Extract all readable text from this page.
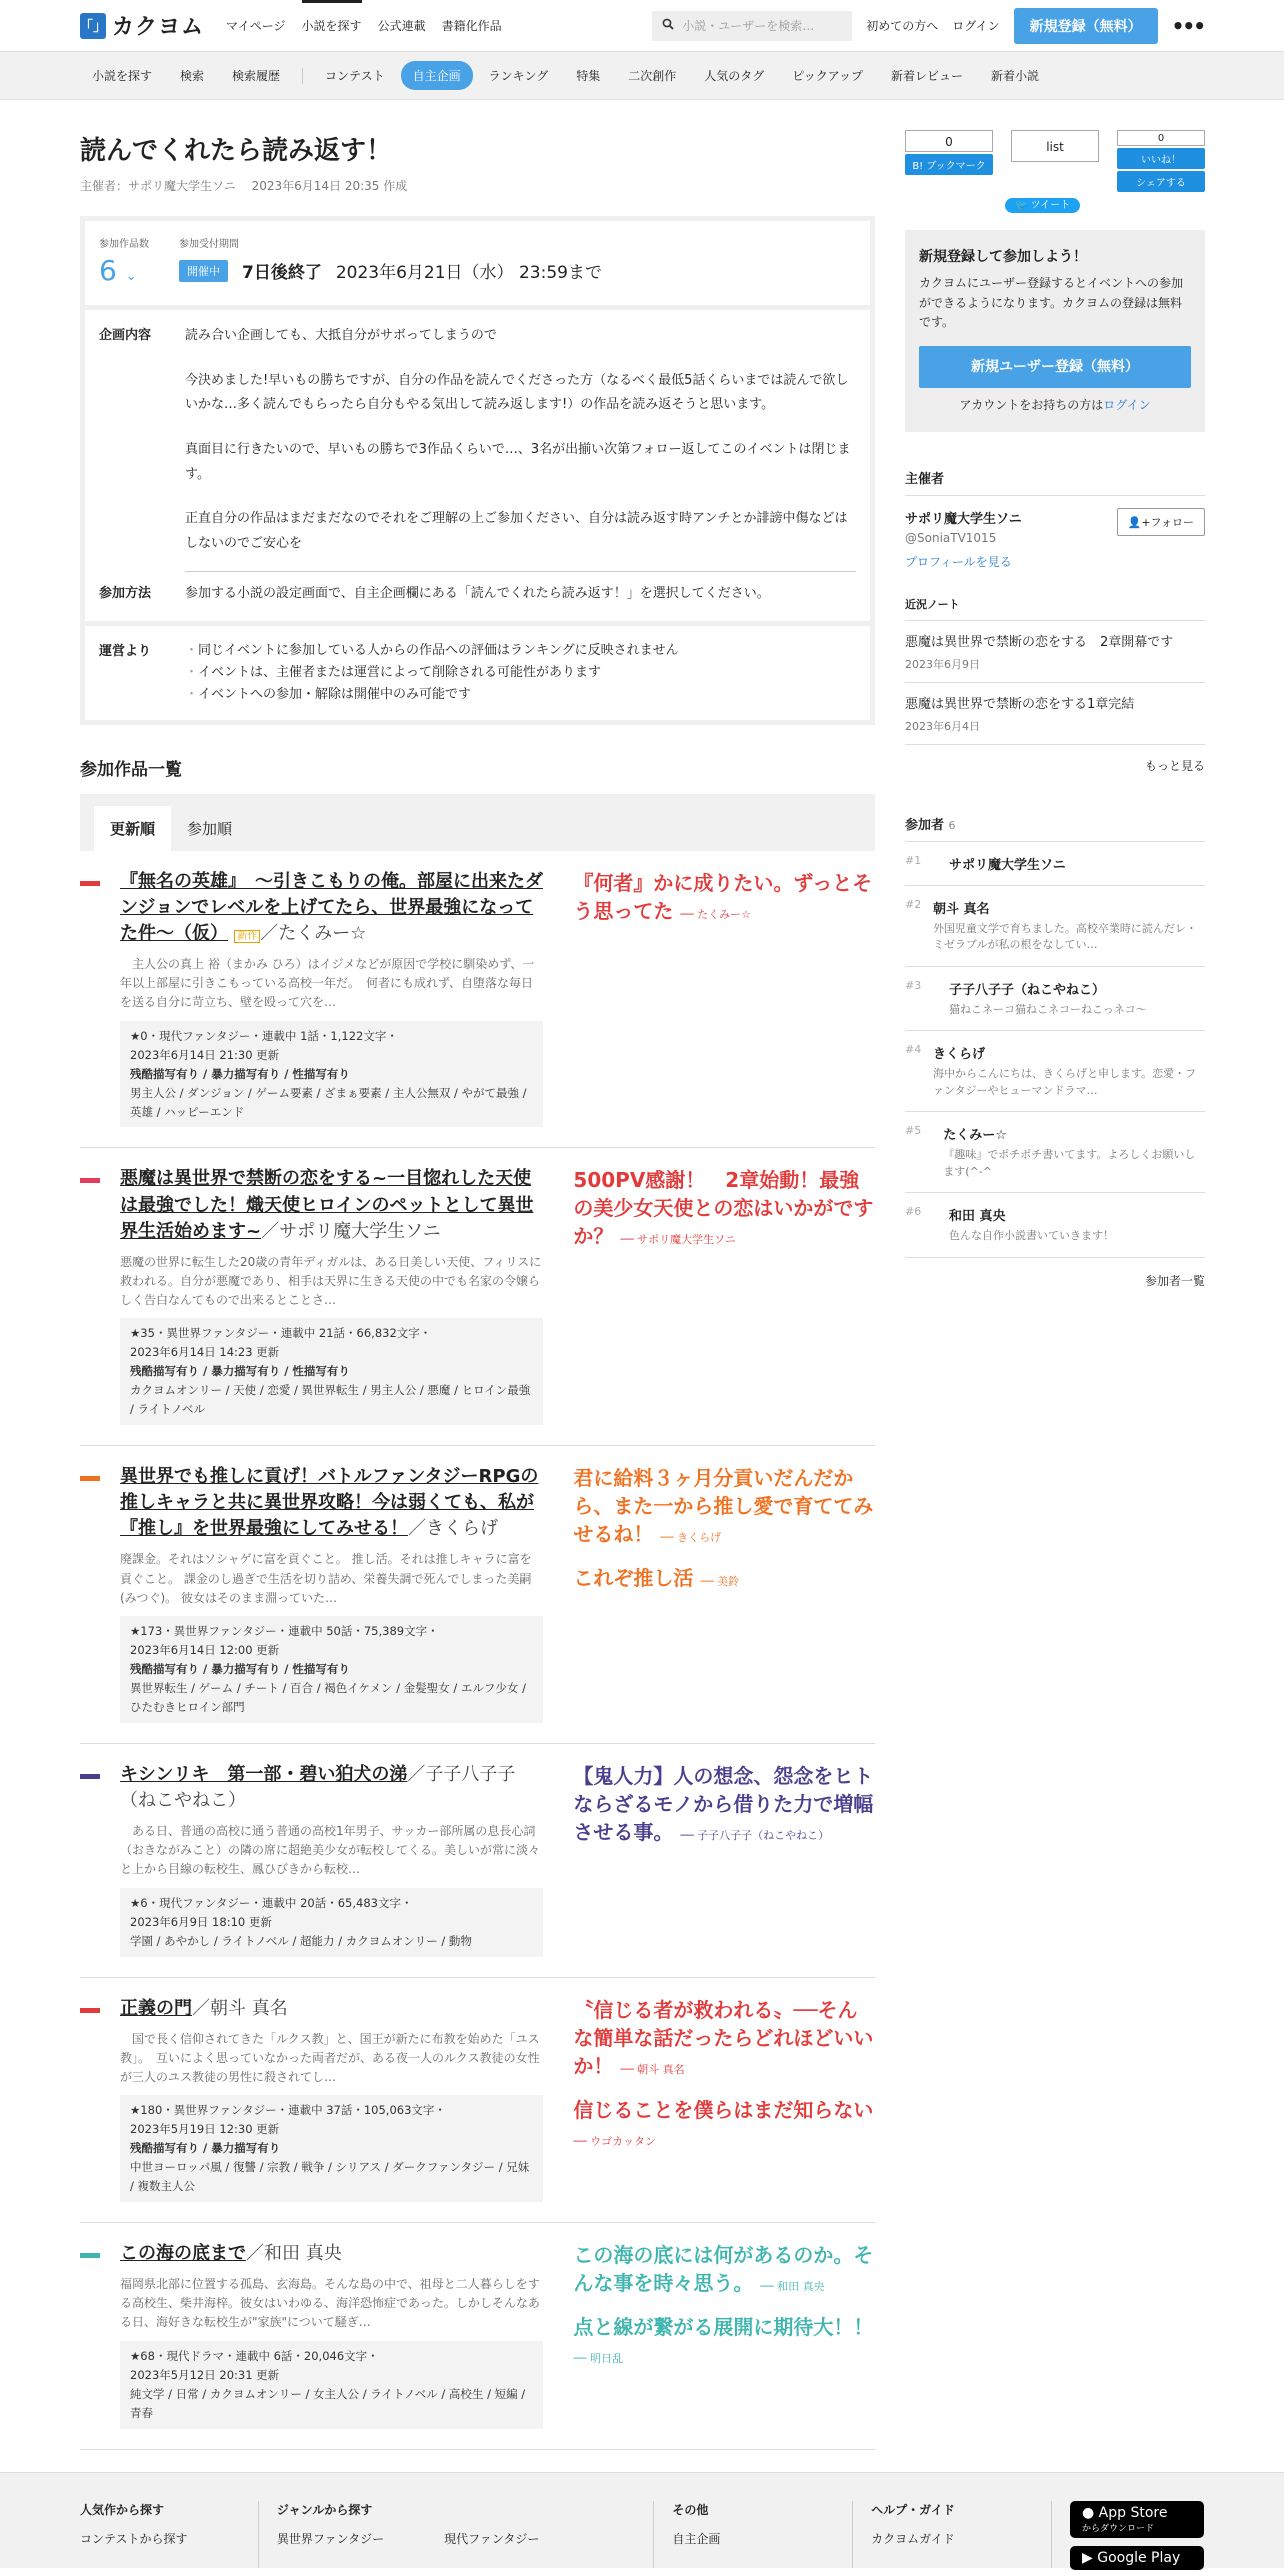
「」 カクヨム マイページ 小説を探す 公式連載 書籍化作品	小説・ユーザーを検索…	初めての方へ ログイン	新規登録（無料）	•••
小説を探す	検索	検索履歴	コンテスト	自主企画	ランキング	特集	二次創作	人気のタグ	ピックアップ	新着レビュー	新着小説
読んでくれたら読み返す！
主催者：サポリ魔大学生ソニ　 2023年6月14日 20:35 作成
参加作品数
6 ⌄
参加受付期間
開催中	7日後終了 2023年6月21日（水） 23:59まで
企画内容	読み合い企画しても、大抵自分がサボってしまうので
今決めました!早いもの勝ちですが、自分の作品を読んでくださった方（なるべく最低5話くらいまでは読んで欲しいかな…多く読んでもらったら自分もやる気出して読み返します!）の作品を読み返そうと思います。
真面目に行きたいので、早いもの勝ちで3作品くらいで…、3名が出揃い次第フォロー返してこのイベントは閉じます。
正直自分の作品はまだまだなのでそれをご理解の上ご参加ください、自分は読み返す時アンチとか誹謗中傷などはしないのでご安心を
参加方法	参加する小説の設定画面で、自主企画欄にある「読んでくれたら読み返す！」を選択してください。
運営より
・	同じイベントに参加している人からの作品への評価はランキングに反映されません
・ イベントは、主催者または運営によって削除される可能性があります
・ イベントへの参加・解除は開催中のみ可能です
参加作品一覧
更新順	参加順
『無名の英雄』　～引きこもりの俺。部屋に出来たダンジョンでレベルを上げてたら、世界最強になってた件～（仮） 新作 ／たくみー☆
　主人公の真上 裕（まかみ ひろ）はイジメなどが原因で学校に馴染めず、一年以上部屋に引きこもっている高校一年だ。　何者にも成れず、自堕落な毎日を送る自分に苛立ち、壁を殴って穴を…
★0・現代ファンタジー・連載中 1話・1,122文字・
2023年6月14日 21:30 更新
残酷描写有り / 暴力描写有り / 性描写有り
男主人公 / ダンジョン / ゲーム要素 / ざまぁ要素 / 主人公無双 / やがて最強 / 英雄 / ハッピーエンド
『何者』かに成りたい。ずっとそう思ってた ── たくみー☆
悪魔は異世界で禁断の恋をする~一目惚れした天使は最強でした！熾天使ヒロインのペットとして異世界生活始めます~／サポリ魔大学生ソニ
悪魔の世界に転生した20歳の青年ディガルは、ある日美しい天使、フィリスに救われる。自分が悪魔であり、相手は天界に生きる天使の中でも名家の令嬢らしく告白なんてもので出来るとことさ…
★35・異世界ファンタジー・連載中 21話・66,832文字・
2023年6月14日 14:23 更新
残酷描写有り / 暴力描写有り / 性描写有り
カクヨムオンリー / 天使 / 恋愛 / 異世界転生 / 男主人公 / 悪魔 / ヒロイン最強 / ライトノベル
500PV感謝！　2章始動！最強の美少女天使との恋はいかがですか？ ── サポリ魔大学生ソニ
異世界でも推しに貢げ！バトルファンタジーRPGの推しキャラと共に異世界攻略！今は弱くても、私が『推し』を世界最強にしてみせる！／きくらげ
廃課金。それはソシャゲに富を貢ぐこと。 推し活。それは推しキャラに富を貢ぐこと。 課金のし過ぎで生活を切り詰め、栄養失調で死んでしまった美嗣(みつぐ)。 彼女はそのまま淵っていた…
★173・異世界ファンタジー・連載中 50話・75,389文字・
2023年6月14日 12:00 更新
残酷描写有り / 暴力描写有り / 性描写有り
異世界転生 / ゲーム / チート / 百合 / 褐色イケメン / 金髪聖女 / エルフ少女 / ひたむきヒロイン部門
君に給料３ヶ月分貢いだんだから、また一から推し愛で育ててみせるね！ ── きくらげ
これぞ推し活 ── 美鈴
キシンリキ　第一部・碧い狛犬の涕／子子八子子（ねこやねこ）
　ある日、普通の高校に通う普通の高校1年男子、サッカー部所属の息長心詞（おきながみこと）の隣の席に超絶美少女が転校してくる。美しいが常に淡々と上から目線の転校生、鳳ひびきから転校…
★6・現代ファンタジー・連載中 20話・65,483文字・
2023年6月9日 18:10 更新
学園 / あやかし / ライトノベル / 超能力 / カクヨムオンリー / 動物
【鬼人力】人の想念、怨念をヒトならざるモノから借りた力で増幅させる事。 ── 子子八子子（ねこやねこ）
正義の門／朝斗 真名
　国で長く信仰されてきた「ルクス教」と、国王が新たに布教を始めた「ユス教」。　互いによく思っていなかった両者だが、ある夜一人のルクス教徒の女性が三人のユス教徒の男性に殺されてし…
★180・異世界ファンタジー・連載中 37話・105,063文字・
2023年5月19日 12:30 更新
残酷描写有り / 暴力描写有り
中世ヨーロッパ風 / 復讐 / 宗教 / 戦争 / シリアス / ダークファンタジー / 兄妹 / 複数主人公
〝信じる者が救われる〟──そんな簡単な話だったらどれほどいいか！ ── 朝斗 真名
信じることを僕らはまだ知らない ── ウゴカッタン
この海の底まで／和田 真央
福岡県北部に位置する孤島、玄海島。そんな島の中で、祖母と二人暮らしをする高校生、柴井海梓。彼女はいわゆる、海洋恐怖症であった。しかしそんなある日、海好きな転校生が"家族"について騒ぎ…
★68・現代ドラマ・連載中 6話・20,046文字・
2023年5月12日 20:31 更新
純文学 / 日常 / カクヨムオンリー / 女主人公 / ライトノベル / 高校生 / 短編 / 青春
この海の底には何があるのか。そんな事を時々思う。 ── 和田 真央
点と線が繋がる展開に期待大！！ ── 明日乱
0
B! ブックマーク
list
0
いいね！
シェアする
🐦 ツイート
新規登録して参加しよう！
カクヨムにユーザー登録するとイベントへの参加ができるようになります。カクヨムの登録は無料です。
新規ユーザー登録（無料）
アカウントをお持ちの方はログイン
主催者
サポリ魔大学生ソニ
@SoniaTV1015
👤+フォロー
プロフィールを見る
近況ノート
悪魔は異世界で禁断の恋をする　2章開幕です
2023年6月9日
悪魔は異世界で禁断の恋をする1章完結
2023年6月4日
もっと見る
参加者 6
#1	サポリ魔大学生ソニ
#2 朝斗 真名
外国児童文学で育ちました。高校卒業時に読んだレ・ミゼラブルが私の根をなしてい…
#3	子子八子子（ねこやねこ）
猫ねこネーコ猫ねこネコーねこっネコ～
#4 きくらげ
海中からこんにちは、きくらげと申します。恋愛・ファンタジーやヒューマンドラマ…
#5	たくみー☆
『趣味』でポチポチ書いてます。よろしくお願いします(^-^
#6	和田 真央
色んな自作小説書いていきます！
参加者一覧
人気作から探す
コンテストから探す
ジャンルから探す
異世界ファンタジー　　　　　	現代ファンタジー
その他
自主企画
ヘルプ・ガイド
カクヨムガイド
● App Store
からダウンロード
▶ Google Play
